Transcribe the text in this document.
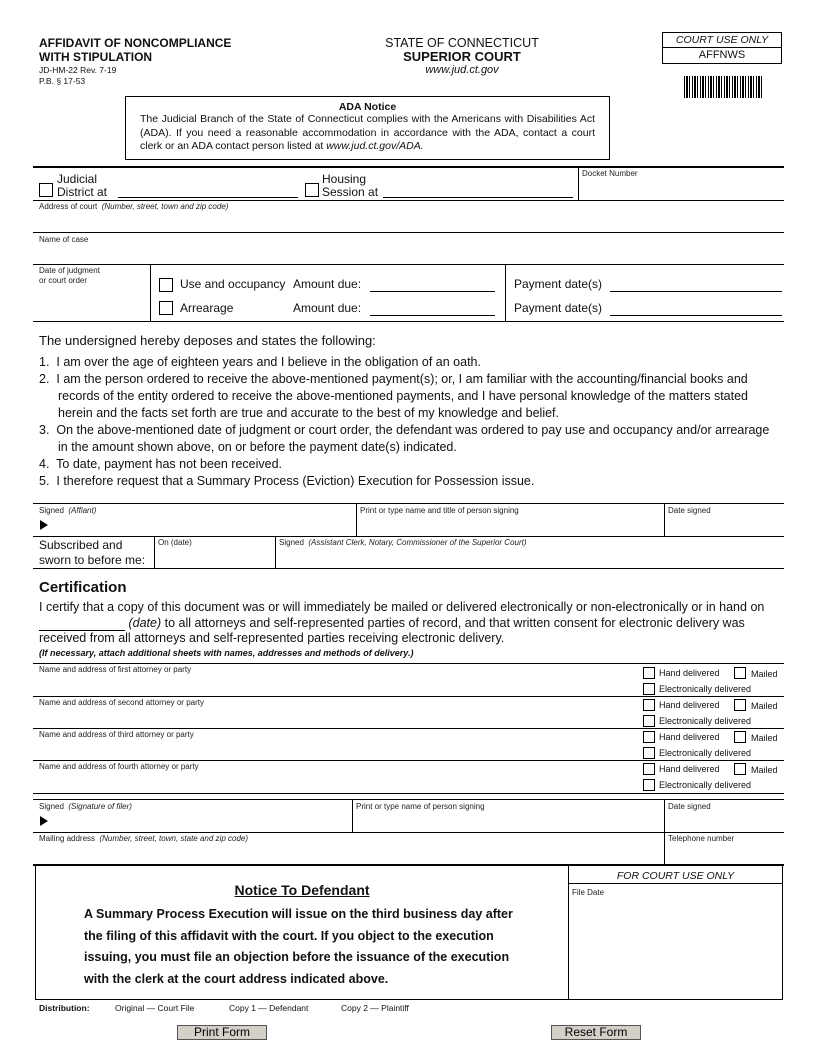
AFFIDAVIT OF NONCOMPLIANCE
WITH STIPULATION
JD-HM-22 Rev. 7-19
P.B. § 17-53
STATE OF CONNECTICUT
SUPERIOR COURT
www.jud.ct.gov
COURT USE ONLY
AFFNWS
ADA Notice
The Judicial Branch of the State of Connecticut complies with the Americans with Disabilities Act (ADA). If you need a reasonable accommodation in accordance with the ADA, contact a court clerk or an ADA contact person listed at www.jud.ct.gov/ADA.
Docket Number
Judicial
District at
Housing
Session at
Address of court (Number, street, town and zip code)
Name of case
Date of judgment
or court order	Use and occupancy Amount due:	Payment date(s)
Arrearage	Amount due:	Payment date(s)
The undersigned hereby deposes and states the following:
1.  I am over the age of eighteen years and I believe in the obligation of an oath.
2.  I am the person ordered to receive the above-mentioned payment(s); or, I am familiar with the accounting/financial books and records of the entity ordered to receive the above-mentioned payments, and I have personal knowledge of the matters stated herein and the facts set forth are true and accurate to the best of my knowledge and belief.
3.  On the above-mentioned date of judgment or court order, the defendant was ordered to pay use and occupancy and/or arrearage in the amount shown above, on or before the payment date(s) indicated.
4.  To date, payment has not been received.
5.  I therefore request that a Summary Process (Eviction) Execution for Possession issue.
Signed (Affiant)	Print or type name and title of person signing	Date signed
Subscribed and
sworn to before me:
On (date)	Signed (Assistant Clerk, Notary, Commissioner of the Superior Court)
Certification
I certify that a copy of this document was or will immediately be mailed or delivered electronically or non-electronically or in hand on  (date) to all attorneys and self-represented parties of record, and that written consent for electronic delivery was received from all attorneys and self-represented parties receiving electronic delivery.
(If necessary, attach additional sheets with names, addresses and methods of delivery.)
Name and address of first attorney or party	Hand delivered	Mailed
Electronically delivered
Name and address of second attorney or party	Hand delivered	Mailed
Electronically delivered
Name and address of third attorney or party	Hand delivered	Mailed
Electronically delivered
Name and address of fourth attorney or party	Hand delivered	Mailed
Electronically delivered
Signed (Signature of filer)	Print or type name of person signing	Date signed
Mailing address (Number, street, town, state and zip code)	Telephone number
Notice To Defendant
A Summary Process Execution will issue on the third business day after the filing of this affidavit with the court. If you object to the execution issuing, you must file an objection before the issuance of the execution with the clerk at the court address indicated above.
FOR COURT USE ONLY
File Date
Distribution:	Original — Court File	Copy 1 — Defendant	Copy 2 — Plaintiff
Print Form	Reset Form
